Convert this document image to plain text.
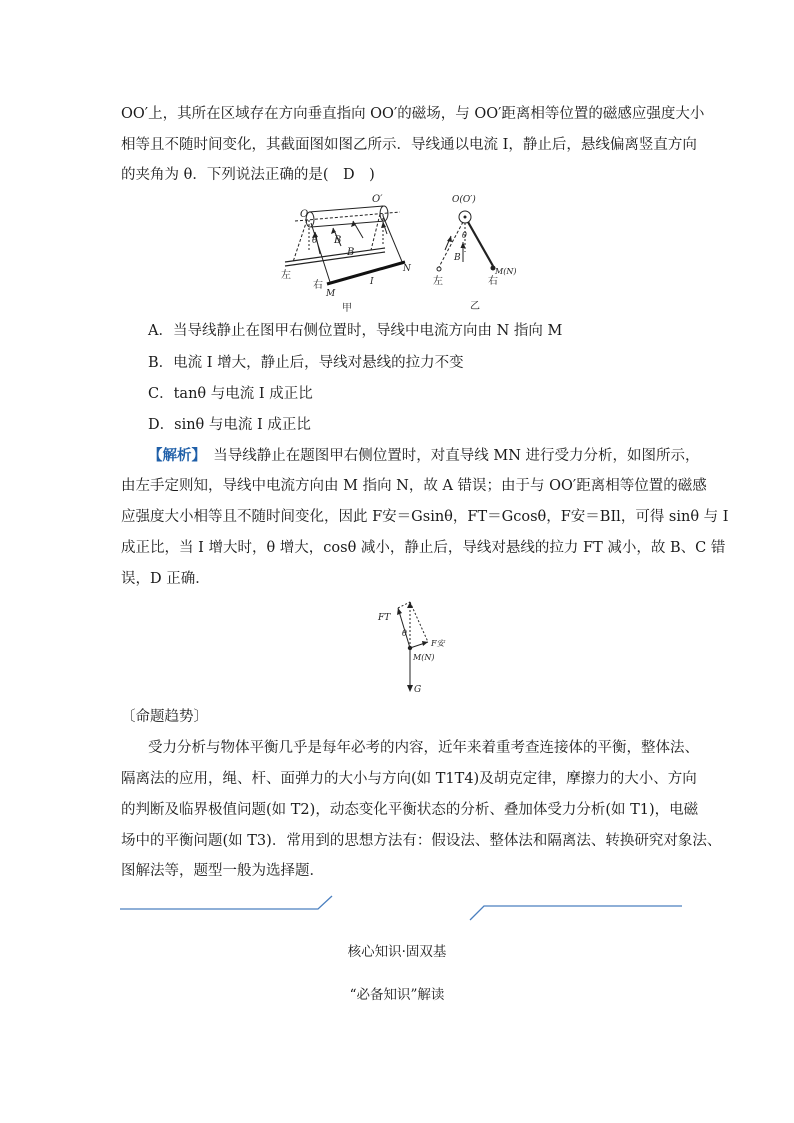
OO′上，其所在区域存在方向垂直指向 OO′的磁场，与 OO′距离相等位置的磁感应强度大小
相等且不随时间变化，其截面图如图乙所示．导线通以电流 I，静止后，悬线偏离竖直方向
的夹角为 θ．下列说法正确的是(　D　)
O
O′
θ B
B
左
右
M
I
N
甲
O(O′)
θ
B
左	右
M(N)
乙
A．当导线静止在图甲右侧位置时，导线中电流方向由 N 指向 M
B．电流 I 增大，静止后，导线对悬线的拉力不变
C．tanθ 与电流 I 成正比
D．sinθ 与电流 I 成正比
【解析】　当导线静止在题图甲右侧位置时，对直导线 MN 进行受力分析，如图所示，
由左手定则知，导线中电流方向由 M 指向 N，故 A 错误；由于与 OO′距离相等位置的磁感
应强度大小相等且不随时间变化，因此 F安＝Gsinθ，FT＝Gcosθ，F安＝BIl，可得 sinθ 与 I
成正比，当 I 增大时，θ 增大，cosθ 减小，静止后，导线对悬线的拉力 FT 减小，故 B、C 错
误，D 正确．
FT
θ
F安
M(N)
G
〔命题趋势〕
受力分析与物体平衡几乎是每年必考的内容，近年来着重考查连接体的平衡，整体法、
隔离法的应用，绳、杆、面弹力的大小与方向(如 T1T4)及胡克定律，摩擦力的大小、方向
的判断及临界极值问题(如 T2)，动态变化平衡状态的分析、叠加体受力分析(如 T1)，电磁
场中的平衡问题(如 T3)．常用到的思想方法有：假设法、整体法和隔离法、转换研究对象法、
图解法等，题型一般为选择题．
核心知识·固双基
“必备知识”解读
